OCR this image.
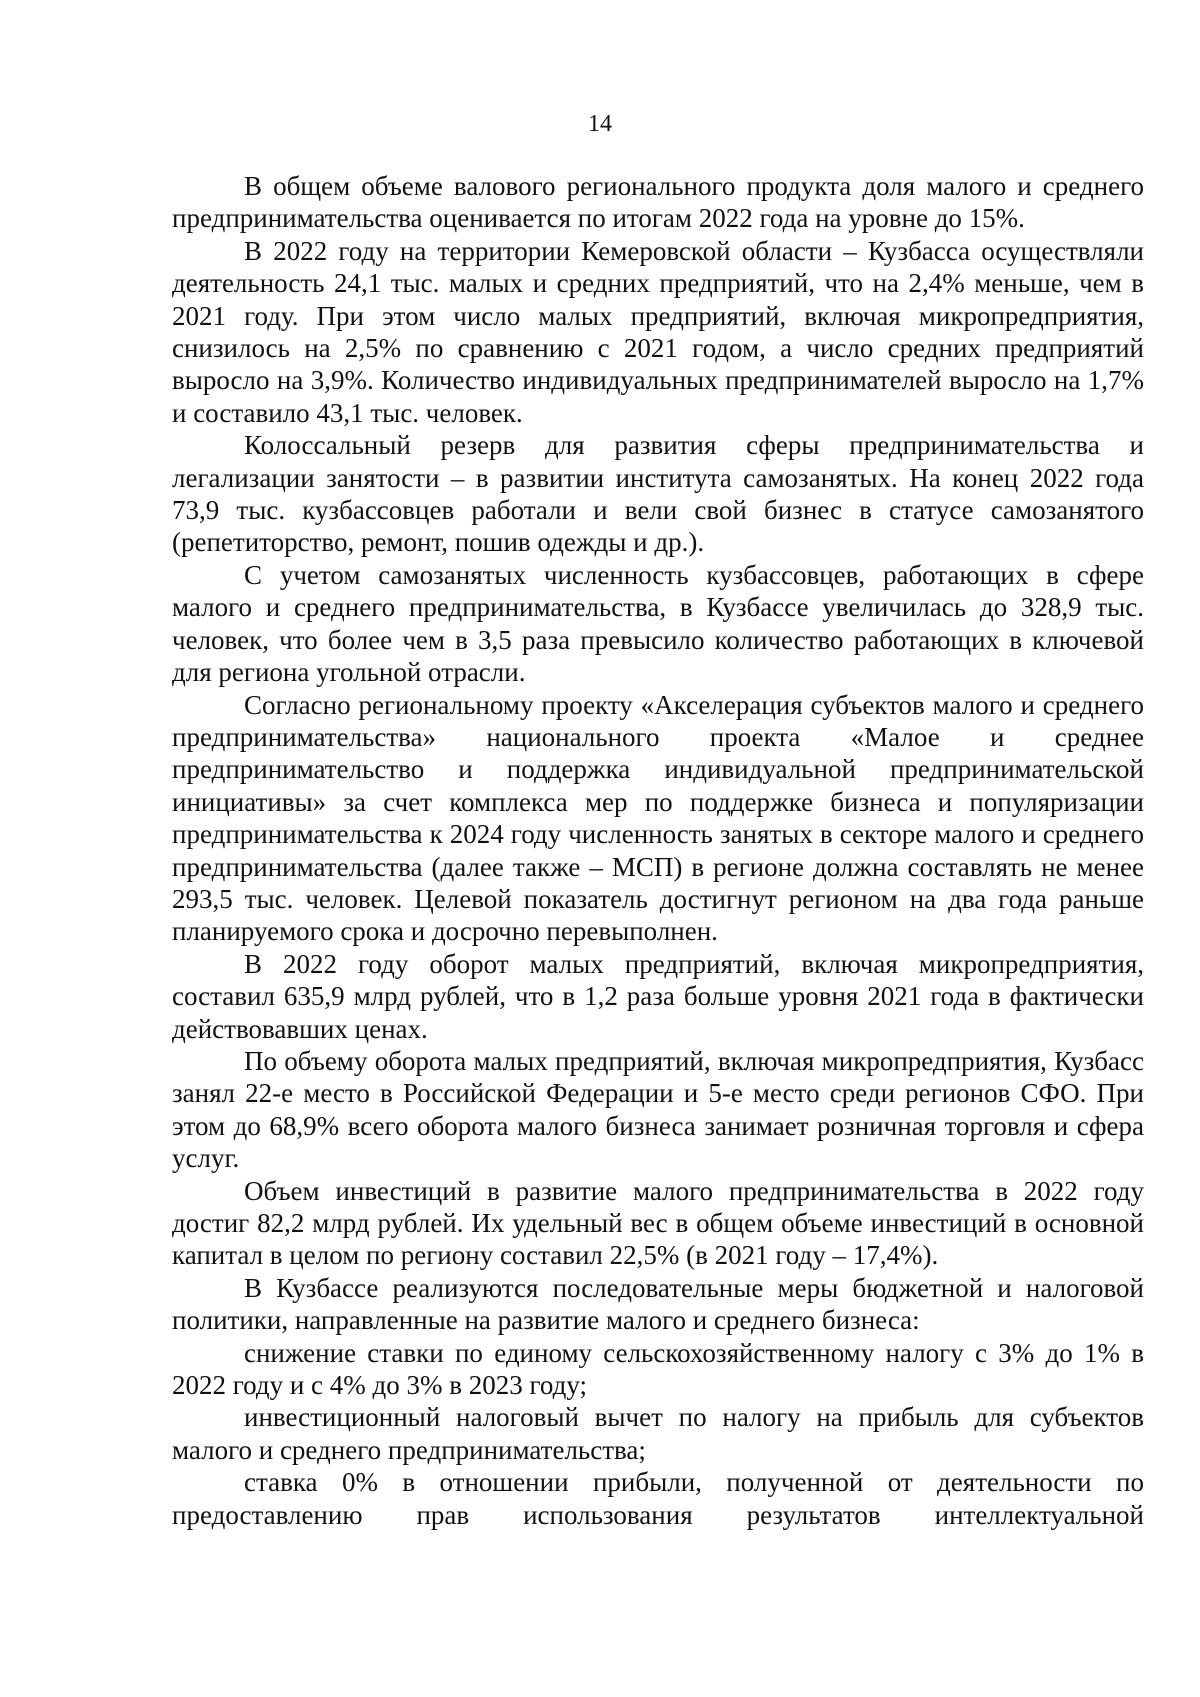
14

В общем объеме валового регионального продукта доля малого и среднего предпринимательства оценивается по итогам 2022 года на уровне до 15%.

В 2022 году на территории Кемеровской области – Кузбасса осуществляли деятельность 24,1 тыс. малых и средних предприятий, что на 2,4% меньше, чем в 2021 году. При этом число малых предприятий, включая микропредприятия, снизилось на 2,5% по сравнению с 2021 годом, а число средних предприятий выросло на 3,9%. Количество индивидуальных предпринимателей выросло на 1,7% и составило 43,1 тыс. человек.

Колоссальный резерв для развития сферы предпринимательства и легализации занятости – в развитии института самозанятых. На конец 2022 года 73,9 тыс. кузбассовцев работали и вели свой бизнес в статусе самозанятого (репетиторство, ремонт, пошив одежды и др.).

С учетом самозанятых численность кузбассовцев, работающих в сфере малого и среднего предпринимательства, в Кузбассе увеличилась до 328,9 тыс. человек, что более чем в 3,5 раза превысило количество работающих в ключевой для региона угольной отрасли.

Согласно региональному проекту «Акселерация субъектов малого и среднего предпринимательства» национального проекта «Малое и среднее предпринимательство и поддержка индивидуальной предпринимательской инициативы» за счет комплекса мер по поддержке бизнеса и популяризации предпринимательства к 2024 году численность занятых в секторе малого и среднего предпринимательства (далее также – МСП) в регионе должна составлять не менее 293,5 тыс. человек. Целевой показатель достигнут регионом на два года раньше планируемого срока и досрочно перевыполнен.

В 2022 году оборот малых предприятий, включая микропредприятия, составил 635,9 млрд рублей, что в 1,2 раза больше уровня 2021 года в фактически действовавших ценах.

По объему оборота малых предприятий, включая микропредприятия, Кузбасс занял 22-е место в Российской Федерации и 5-е место среди регионов СФО. При этом до 68,9% всего оборота малого бизнеса занимает розничная торговля и сфера услуг.

Объем инвестиций в развитие малого предпринимательства в 2022 году достиг 82,2 млрд рублей. Их удельный вес в общем объеме инвестиций в основной капитал в целом по региону составил 22,5% (в 2021 году – 17,4%).

В Кузбассе реализуются последовательные меры бюджетной и налоговой политики, направленные на развитие малого и среднего бизнеса:

снижение ставки по единому сельскохозяйственному налогу с 3% до 1% в 2022 году и с 4% до 3% в 2023 году;

инвестиционный налоговый вычет по налогу на прибыль для субъектов малого и среднего предпринимательства;

ставка 0% в отношении прибыли, полученной от деятельности по предоставлению прав использования результатов интеллектуальной
